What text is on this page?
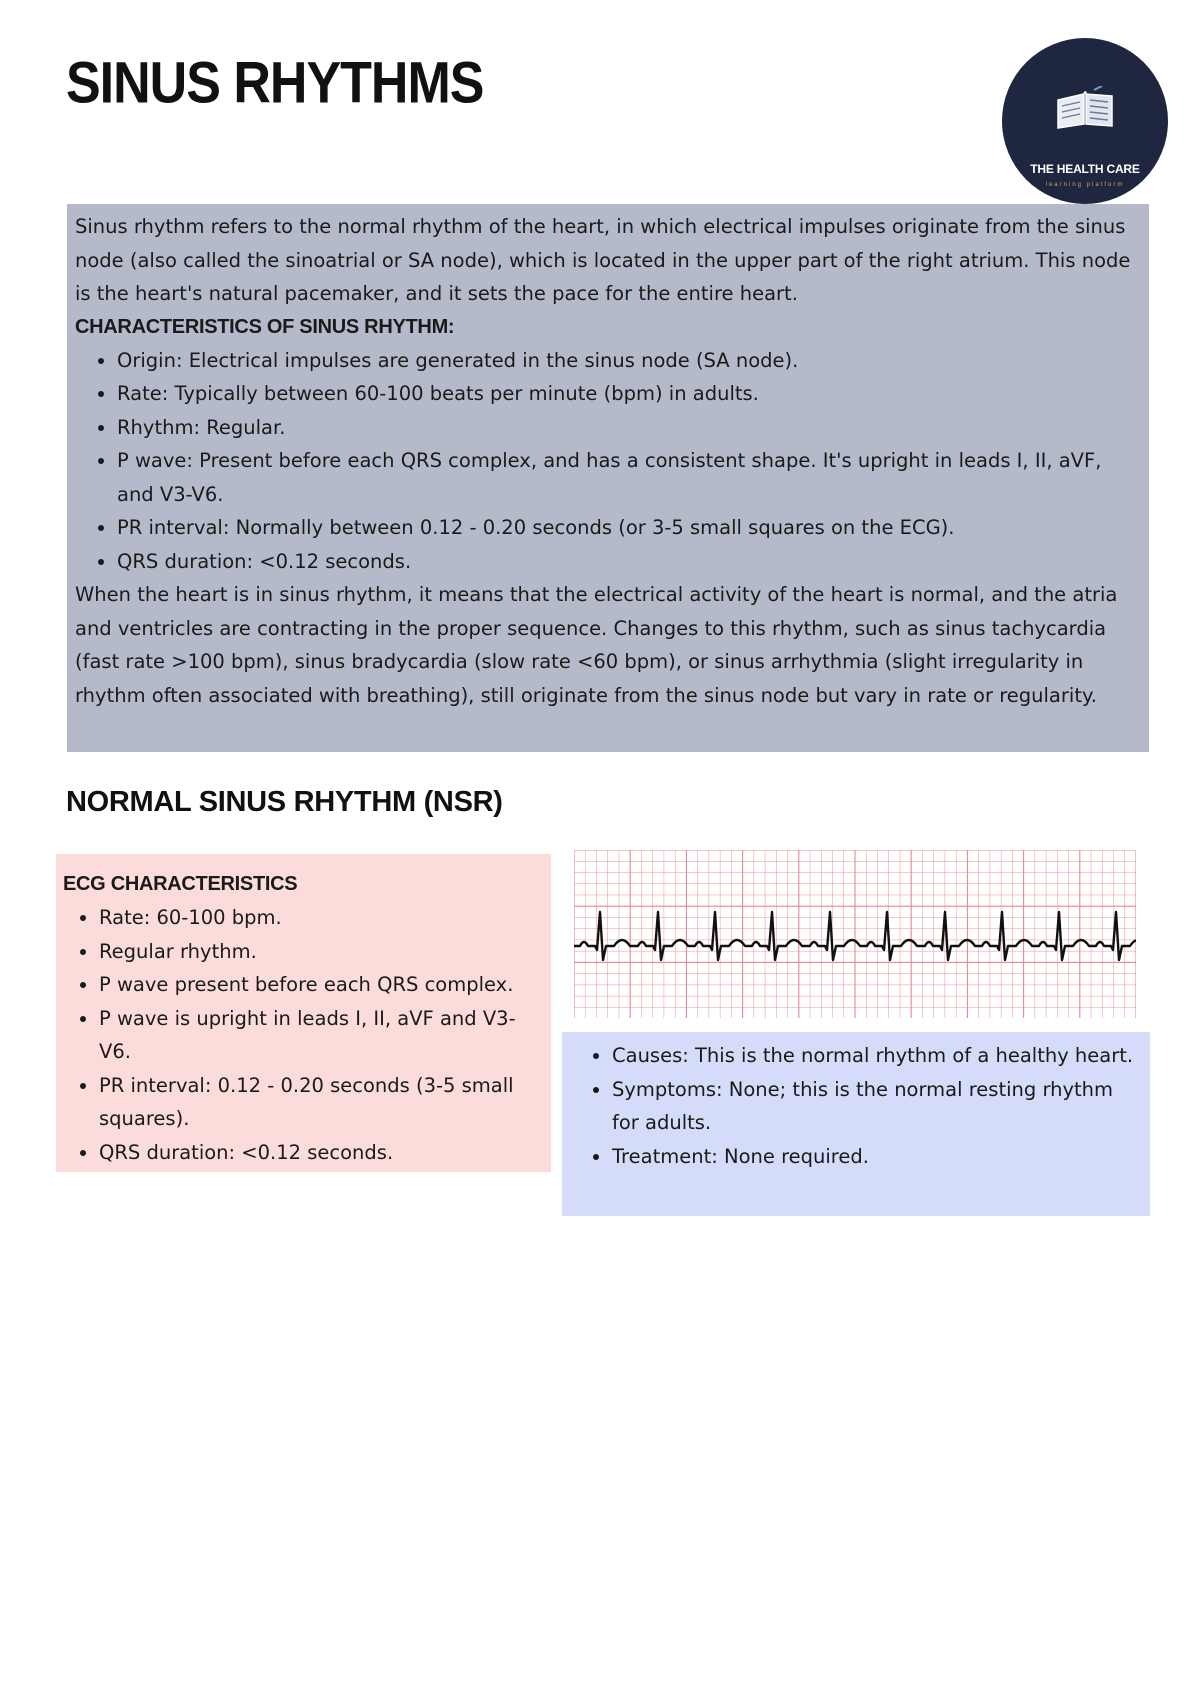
SINUS RHYTHMS
THE HEALTH CARE
learning platform

Sinus rhythm refers to the normal rhythm of the heart, in which electrical impulses originate from the sinus node (also called the sinoatrial or SA node), which is located in the upper part of the right atrium. This node is the heart's natural pacemaker, and it sets the pace for the entire heart.

CHARACTERISTICS OF SINUS RHYTHM:
• Origin: Electrical impulses are generated in the sinus node (SA node).
• Rate: Typically between 60-100 beats per minute (bpm) in adults.
• Rhythm: Regular.
• P wave: Present before each QRS complex, and has a consistent shape. It's upright in leads I, II, aVF, and V3-V6.
• PR interval: Normally between 0.12 - 0.20 seconds (or 3-5 small squares on the ECG).
• QRS duration: <0.12 seconds.

When the heart is in sinus rhythm, it means that the electrical activity of the heart is normal, and the atria and ventricles are contracting in the proper sequence. Changes to this rhythm, such as sinus tachycardia (fast rate >100 bpm), sinus bradycardia (slow rate <60 bpm), or sinus arrhythmia (slight irregularity in rhythm often associated with breathing), still originate from the sinus node but vary in rate or regularity.

NORMAL SINUS RHYTHM (NSR)
ECG CHARACTERISTICS
• Rate: 60-100 bpm.
• Regular rhythm.
• P wave present before each QRS complex.
• P wave is upright in leads I, II, aVF and V3-V6.
• PR interval: 0.12 - 0.20 seconds (3-5 small squares).
• QRS duration: <0.12 seconds.
• Causes: This is the normal rhythm of a healthy heart.
• Symptoms: None; this is the normal resting rhythm for adults.
• Treatment: None required.
